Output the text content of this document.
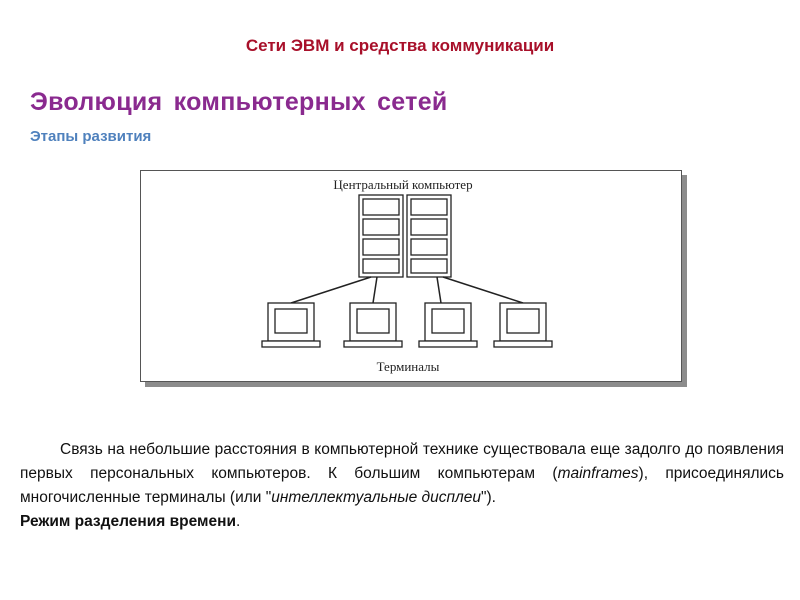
Сети ЭВМ и средства коммуникации
Эволюция компьютерных сетей
Этапы развития
Центральный компьютер
Терминалы

Связь на небольшие расстояния в компьютерной технике существовала еще задолго до появления первых персональных компьютеров. К большим компьютерам (mainframes), присоединялись многочисленные терминалы (или "интеллектуальные дисплеи").

Режим разделения времени.
